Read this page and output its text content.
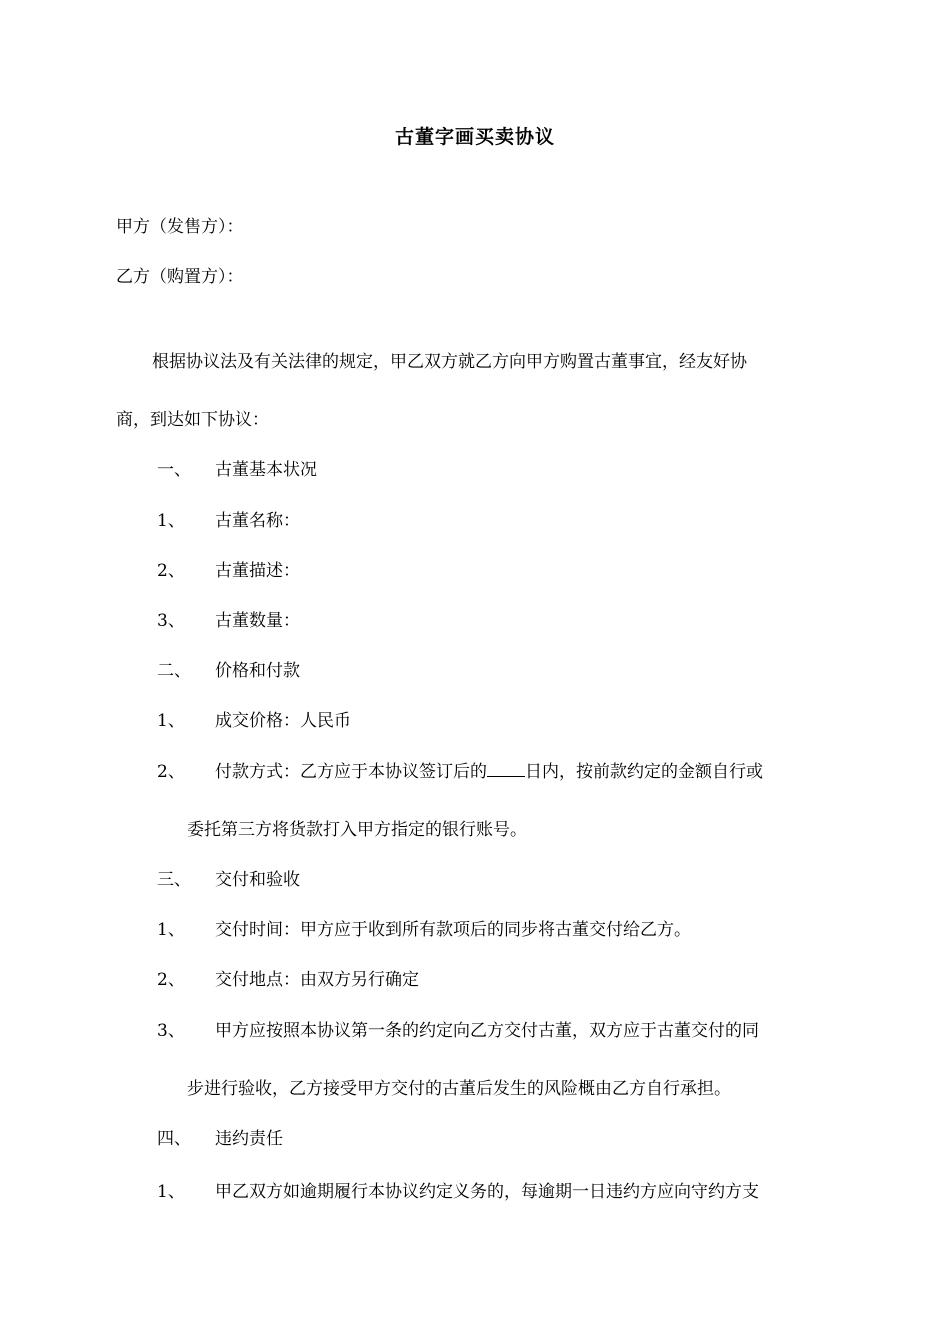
古董字画买卖协议
甲方（发售方）：
乙方（购置方）：
根据协议法及有关法律的规定，甲乙双方就乙方向甲方购置古董事宜，经友好协
商，到达如下协议：
一、 古董基本状况
1、 古董名称：
2、 古董描述：
3、 古董数量：
二、 价格和付款
1、 成交价格：人民币
2、 付款方式：乙方应于本协议签订后的 日内，按前款约定的金额自行或
委托第三方将货款打入甲方指定的银行账号。
三、 交付和验收
1、 交付时间：甲方应于收到所有款项后的同步将古董交付给乙方。
2、 交付地点：由双方另行确定
3、 甲方应按照本协议第一条的约定向乙方交付古董，双方应于古董交付的同
步进行验收，乙方接受甲方交付的古董后发生的风险概由乙方自行承担。
四、 违约责任
1、 甲乙双方如逾期履行本协议约定义务的，每逾期一日违约方应向守约方支
